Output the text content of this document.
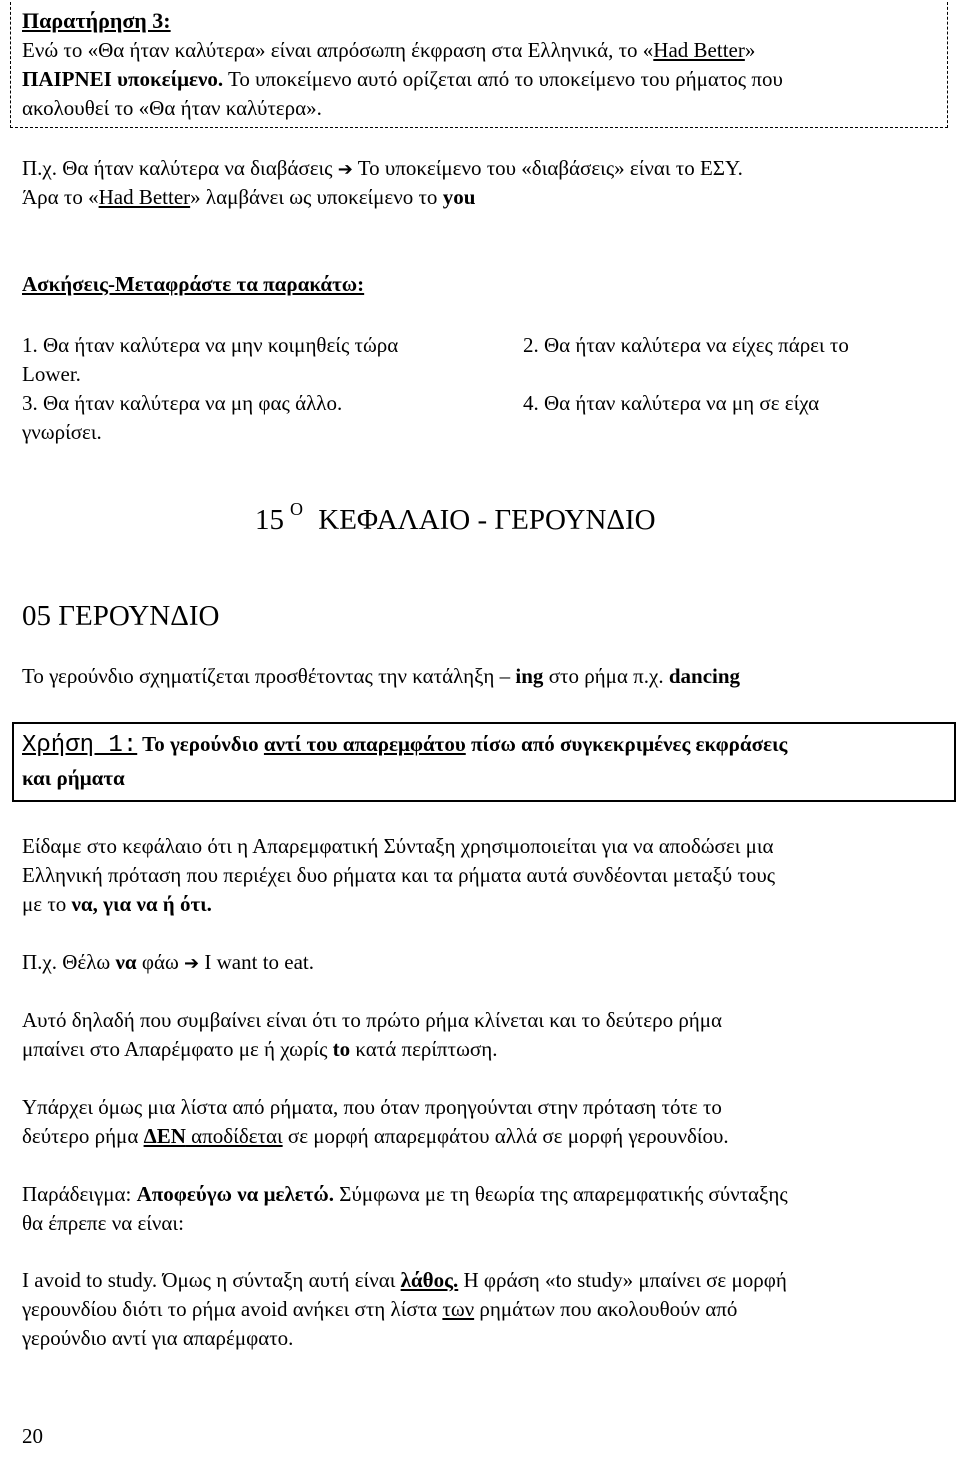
Παρατήρηση 3:
Ενώ το «Θα ήταν καλύτερα» είναι απρόσωπη έκφραση στα Ελληνικά, το «Had Better»
ΠΑΙΡΝΕΙ υποκείμενο. Το υποκείμενο αυτό ορίζεται από το υποκείμενο του ρήματος που
ακολουθεί το «Θα ήταν καλύτερα».
Π.χ. Θα ήταν καλύτερα να διαβάσεις ➔ Το υποκείμενο του «διαβάσεις» είναι το ΕΣΥ.
Άρα το «Had Better» λαμβάνει ως υποκείμενο το you
Ασκήσεις-Μεταφράστε τα παρακάτω:
1. Θα ήταν καλύτερα να μην κοιμηθείς τώρα	2. Θα ήταν καλύτερα να είχες πάρει το
Lower.
3. Θα ήταν καλύτερα να μη φας άλλο.	4. Θα ήταν καλύτερα να μη σε είχα
γνωρίσει.
15 $^O$ ΚΕΦΑΛΑΙΟ - ΓΕΡΟΥΝΔΙΟ
05 ΓΕΡΟΥΝΔΙΟ
Το γερούνδιο σχηματίζεται προσθέτοντας την κατάληξη – ing στο ρήμα π.χ. dancing
Χρήση 1: Το γερούνδιο αντί του απαρεμφάτου πίσω από συγκεκριμένες εκφράσεις
και ρήματα
Είδαμε στο κεφάλαιο ότι η Απαρεμφατική Σύνταξη χρησιμοποιείται για να αποδώσει μια
Ελληνική πρόταση που περιέχει δυο ρήματα και τα ρήματα αυτά συνδέονται μεταξύ τους
με το να, για να ή ότι.
Π.χ. Θέλω να φάω ➔ I want to eat.
Αυτό δηλαδή που συμβαίνει είναι ότι το πρώτο ρήμα κλίνεται και το δεύτερο ρήμα
μπαίνει στο Απαρέμφατο με ή χωρίς to κατά περίπτωση.
Υπάρχει όμως μια λίστα από ρήματα, που όταν προηγούνται στην πρόταση τότε το
δεύτερο ρήμα ΔΕΝ αποδίδεται σε μορφή απαρεμφάτου αλλά σε μορφή γερουνδίου.
Παράδειγμα: Αποφεύγω να μελετώ. Σύμφωνα με τη θεωρία της απαρεμφατικής σύνταξης
θα έπρεπε να είναι:
I avoid to study. Όμως η σύνταξη αυτή είναι λάθος. Η φράση «to study» μπαίνει σε μορφή
γερουνδίου διότι το ρήμα avoid ανήκει στη λίστα των ρημάτων που ακολουθούν από
γερούνδιο αντί για απαρέμφατο.
20
